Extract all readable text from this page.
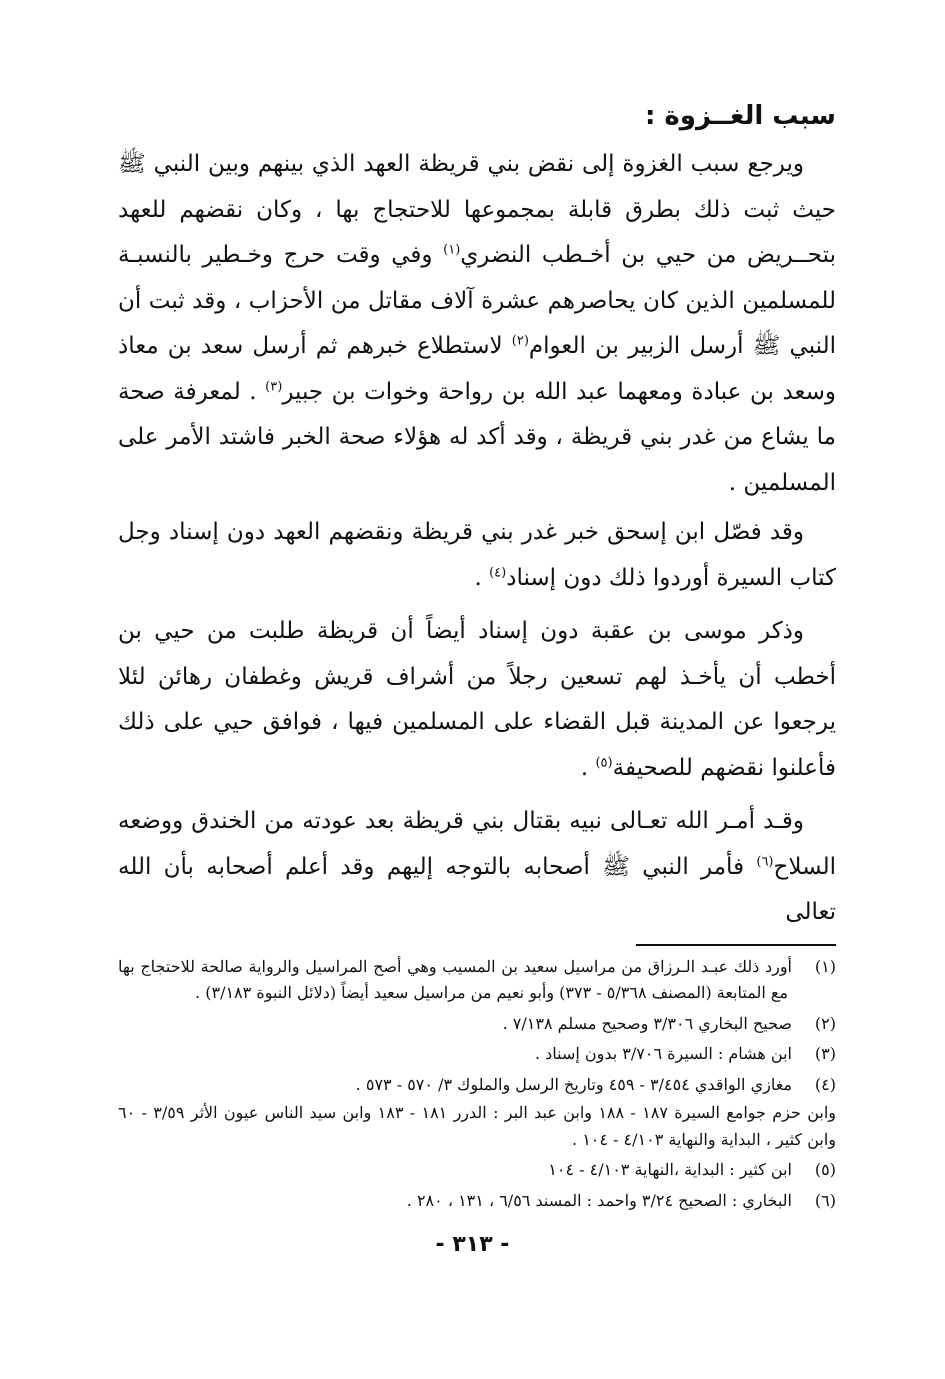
سبب الغــزوة :

ويرجع سبب الغزوة إلى نقض بني قريظة العهد الذي بينهم وبين النبي ﷺ حيث ثبت ذلك بطرق قابلة بمجموعها للاحتجاج بها ، وكان نقضهم للعهد بتحــريض من حيي بن أخـطب النضري$^{(١)}$ وفي وقت حرج وخـطير بالنسبـة للمسلمين الذين كان يحاصرهم عشرة آلاف مقاتل من الأحزاب ، وقد ثبت أن النبي ﷺ أرسل الزبير بن العوام$^{(٢)}$ لاستطلاع خبرهم ثم أرسل سعد بن معاذ وسعد بن عبادة ومعهما عبد الله بن رواحة وخوات بن جبير$^{(٣)}$ . لمعرفة صحة ما يشاع من غدر بني قريظة ، وقد أكد له هؤلاء صحة الخبر فاشتد الأمر على المسلمين .

وقد فصّل ابن إسحق خبر غدر بني قريظة ونقضهم العهد دون إسناد وجل كتاب السيرة أوردوا ذلك دون إسناد$^{(٤)}$ .

وذكر موسى بن عقبة دون إسناد أيضاً أن قريظة طلبت من حيي بن أخطب أن يأخـذ لهم تسعين رجلاً من أشراف قريش وغطفان رهائن لئلا يرجعوا عن المدينة قبل القضاء على المسلمين فيها ، فوافق حيي على ذلك فأعلنوا نقضهم للصحيفة$^{(٥)}$ .

وقـد أمـر الله تعـالى نبيه بقتال بني قريظة بعد عودته من الخندق ووضعه السلاح$^{(٦)}$ فأمر النبي ﷺ أصحابه بالتوجه إليهم وقد أعلم أصحابه بأن الله تعالى

(١)أورد ذلك عبـد الـرزاق من مراسيل سعيد بن المسيب وهي أصح المراسيل والرواية صالحة للاحتجاج بها مع المتابعة (المصنف ٥/٣٦٨ - ٣٧٣) وأبو نعيم من مراسيل سعيد أيضاً (دلائل النبوة ٣/١٨٣) .
(٢)صحيح البخاري ٣/٣٠٦ وصحيح مسلم ٧/١٣٨ .
(٣)ابن هشام : السيرة ٣/٧٠٦ بدون إسناد .
(٤)مغازي الواقدي ٣/٤٥٤ - ٤٥٩ وتاريخ الرسل والملوك ٣/ ٥٧٠ - ٥٧٣ .
وابن حزم جوامع السيرة ١٨٧ - ١٨٨ وابن عبد البر : الدرر ١٨١ - ١٨٣ وابن سيد الناس عيون الأثر ٣/٥٩ - ٦٠ وابن كثير ، البداية والنهاية ٤/١٠٣ - ١٠٤ .
(٥)ابن كثير : البداية ،النهاية ٤/١٠٣ - ١٠٤
(٦)البخاري : الصحيح ٣/٢٤ واحمد : المسند ٦/٥٦ ، ١٣١ ، ٢٨٠ .
- ٣١٣ -
